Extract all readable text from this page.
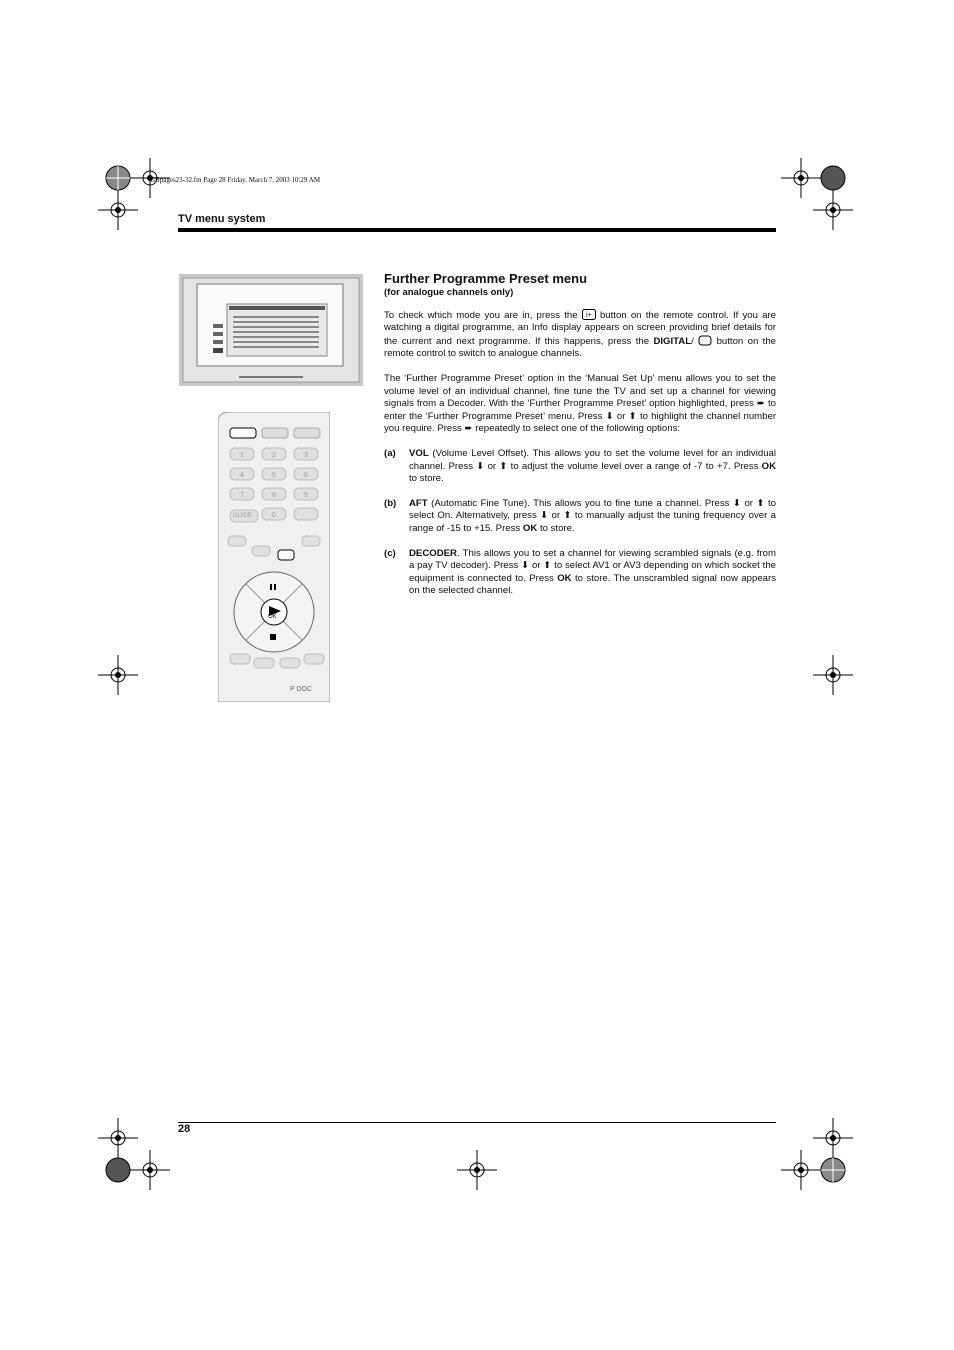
GBpages23-32.fm Page 28 Friday, March 7, 2003 10:29 AM
TV menu system
1	2	3
4	5	6
7	8	9
0
OK
GUIDE
P DOC
Further Programme Preset menu
(for analogue channels only)

To check which mode you are in, press the i+ button on the remote control. If you are watching a digital programme, an Info display appears on screen providing brief details for the current and next programme. If this happens, press the DIGITAL/ button on the remote control to switch to analogue channels.

The ‘Further Programme Preset’ option in the ‘Manual Set Up’ menu allows you to set the volume level of an individual channel, fine tune the TV and set up a channel for viewing signals from a Decoder. With the ‘Further Programme Preset’ option highlighted, press ➨ to enter the ‘Further Programme Preset’ menu. Press ⬇ or ⬆ to highlight the channel number you require. Press ➨ repeatedly to select one of the following options:

(a)	VOL (Volume Level Offset). This allows you to set the volume level for an individual channel. Press ⬇ or ⬆ to adjust the volume level over a range of -7 to +7. Press OK to store.
(b)	AFT (Automatic Fine Tune). This allows you to fine tune a channel. Press ⬇ or ⬆ to select On. Alternatively, press ⬇ or ⬆ to manually adjust the tuning frequency over a range of -15 to +15. Press OK to store.
(c)	DECODER. This allows you to set a channel for viewing scrambled signals (e.g. from a pay TV decoder). Press ⬇ or ⬆ to select AV1 or AV3 depending on which socket the equipment is connected to. Press OK to store. The unscrambled signal now appears on the selected channel.
28
